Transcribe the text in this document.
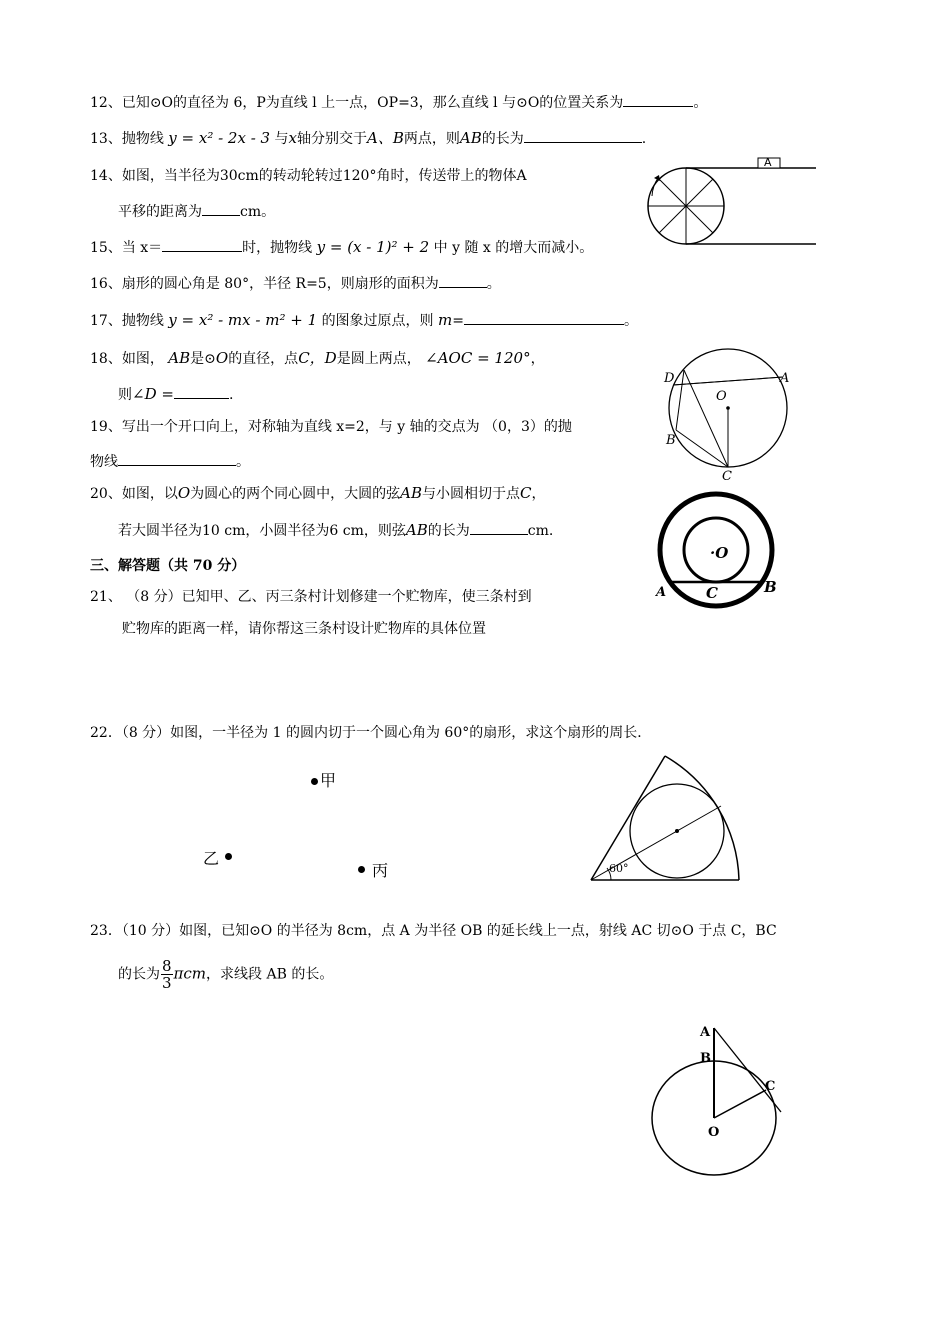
12、已知⊙O的直径为 6，P为直线 l 上一点，OP=3，那么直线 l 与⊙O的位置关系为	。
13、抛物线 y = x² - 2x - 3 与x轴分别交于A、B两点，则AB的长为	.
14、如图，当半径为30cm的转动轮转过120°角时，传送带上的物体A
平移的距离为	cm。
A
15、当 x＝	时，抛物线 y = (x - 1)² + 2 中 y 随 x 的增大而减小。
16、扇形的圆心角是 80°，半径 R=5，则扇形的面积为	。
17、抛物线 y = x² - mx - m² + 1 的图象过原点，则 m=	。
18、如图， AB是⊙O的直径，点C，D是圆上两点， ∠AOC = 120°，
则∠D =	.
D
O
A
B
C
19、写出一个开口向上，对称轴为直线 x=2，与 y 轴的交点为 （0，3）的抛
物线	。
20、如图，以O为圆心的两个同心圆中，大圆的弦AB与小圆相切于点C，
若大圆半径为10 cm，小圆半径为6 cm，则弦AB的长为	cm.
·O
A	C	B
三、解答题（共 70 分）
21、 （8 分）已知甲、乙、丙三条村计划修建一个贮物库，使三条村到
贮物库的距离一样，请你帮这三条村设计贮物库的具体位置
22．（8 分）如图，一半径为 1 的圆内切于一个圆心角为 60°的扇形，求这个扇形的周长．
甲
乙
丙	60°
23．（10 分）如图，已知⊙O 的半径为 8cm，点 A 为半径 OB 的延长线上一点，射线 AC 切⊙O 于点 C，BC
的长为 $\frac{8}{3}$ πcm，求线段 AB 的长。
A
B
C
O
